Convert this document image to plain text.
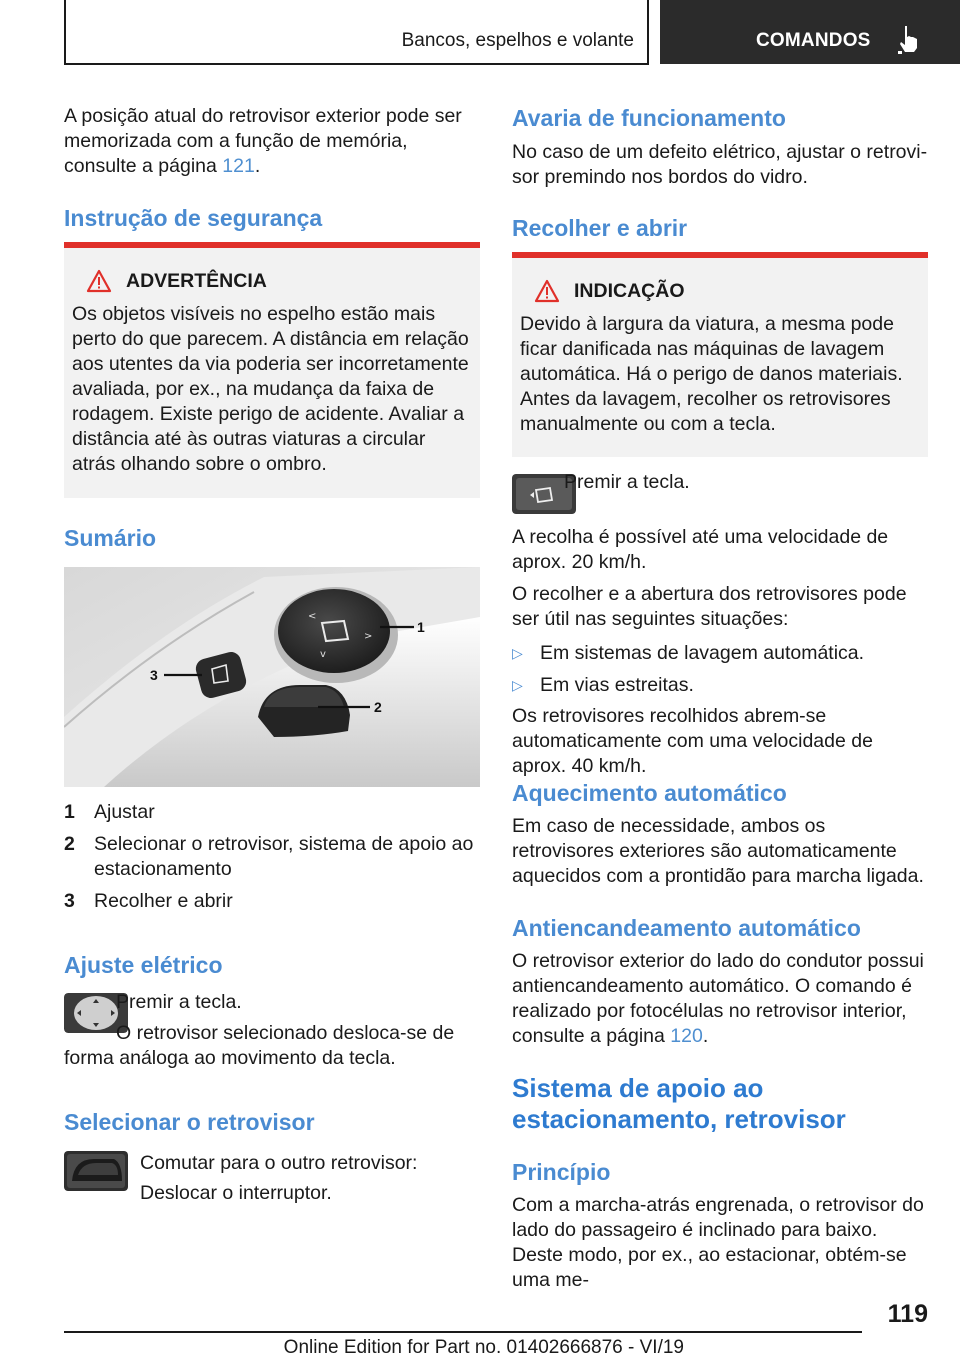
Bancos, espelhos e volante	COMANDOS

A posição atual do retrovisor exterior pode ser memorizada com a função de memória, consulte a página 121.

Instrução de segurança
ADVERTÊNCIA

Os objetos visíveis no espelho estão mais perto do que parecem. A distância em relação aos utentes da via poderia ser incorretamente avaliada, por ex., na mudança da faixa de rodagem. Existe perigo de acidente. Avaliar a distância até às outras viaturas a circular atrás olhando sobre o ombro.

Sumário
<
v
>
1
2
3
1 Ajustar
2 Selecionar o retrovisor, sistema de apoio ao estacionamento
3 Recolher e abrir
Ajuste elétrico

Premir a tecla.

O retrovisor selecionado desloca-se de forma análoga ao movimento da tecla.

Selecionar o retrovisor

Comutar para o outro retrovisor:

Deslocar o interruptor.

Avaria de funcionamento

No caso de um defeito elétrico, ajustar o retrovisor premindo nos bordos do vidro.

Recolher e abrir
INDICAÇÃO

Devido à largura da viatura, a mesma pode ficar danificada nas máquinas de lavagem automática. Há o perigo de danos materiais. Antes da lavagem, recolher os retrovisores manualmente ou com a tecla.

Premir a tecla.

A recolha é possível até uma velocidade de aprox. 20 km/h.

O recolher e a abertura dos retrovisores pode ser útil nas seguintes situações:

▷ Em sistemas de lavagem automática.
▷ Em vias estreitas.

Os retrovisores recolhidos abrem-se automaticamente com uma velocidade de aprox. 40 km/h.

Aquecimento automático

Em caso de necessidade, ambos os retrovisores exteriores são automaticamente aquecidos com a prontidão para marcha ligada.

Antiencandeamento automático

O retrovisor exterior do lado do condutor possui antiencandeamento automático. O comando é realizado por fotocélulas no retrovisor interior, consulte a página 120.

Sistema de apoio ao
estacionamento, retrovisor
Princípio

Com a marcha-atrás engrenada, o retrovisor do lado do passageiro é inclinado para baixo. Deste modo, por ex., ao estacionar, obtém-se uma me-

119
Online Edition for Part no. 01402666876 - VI/19
